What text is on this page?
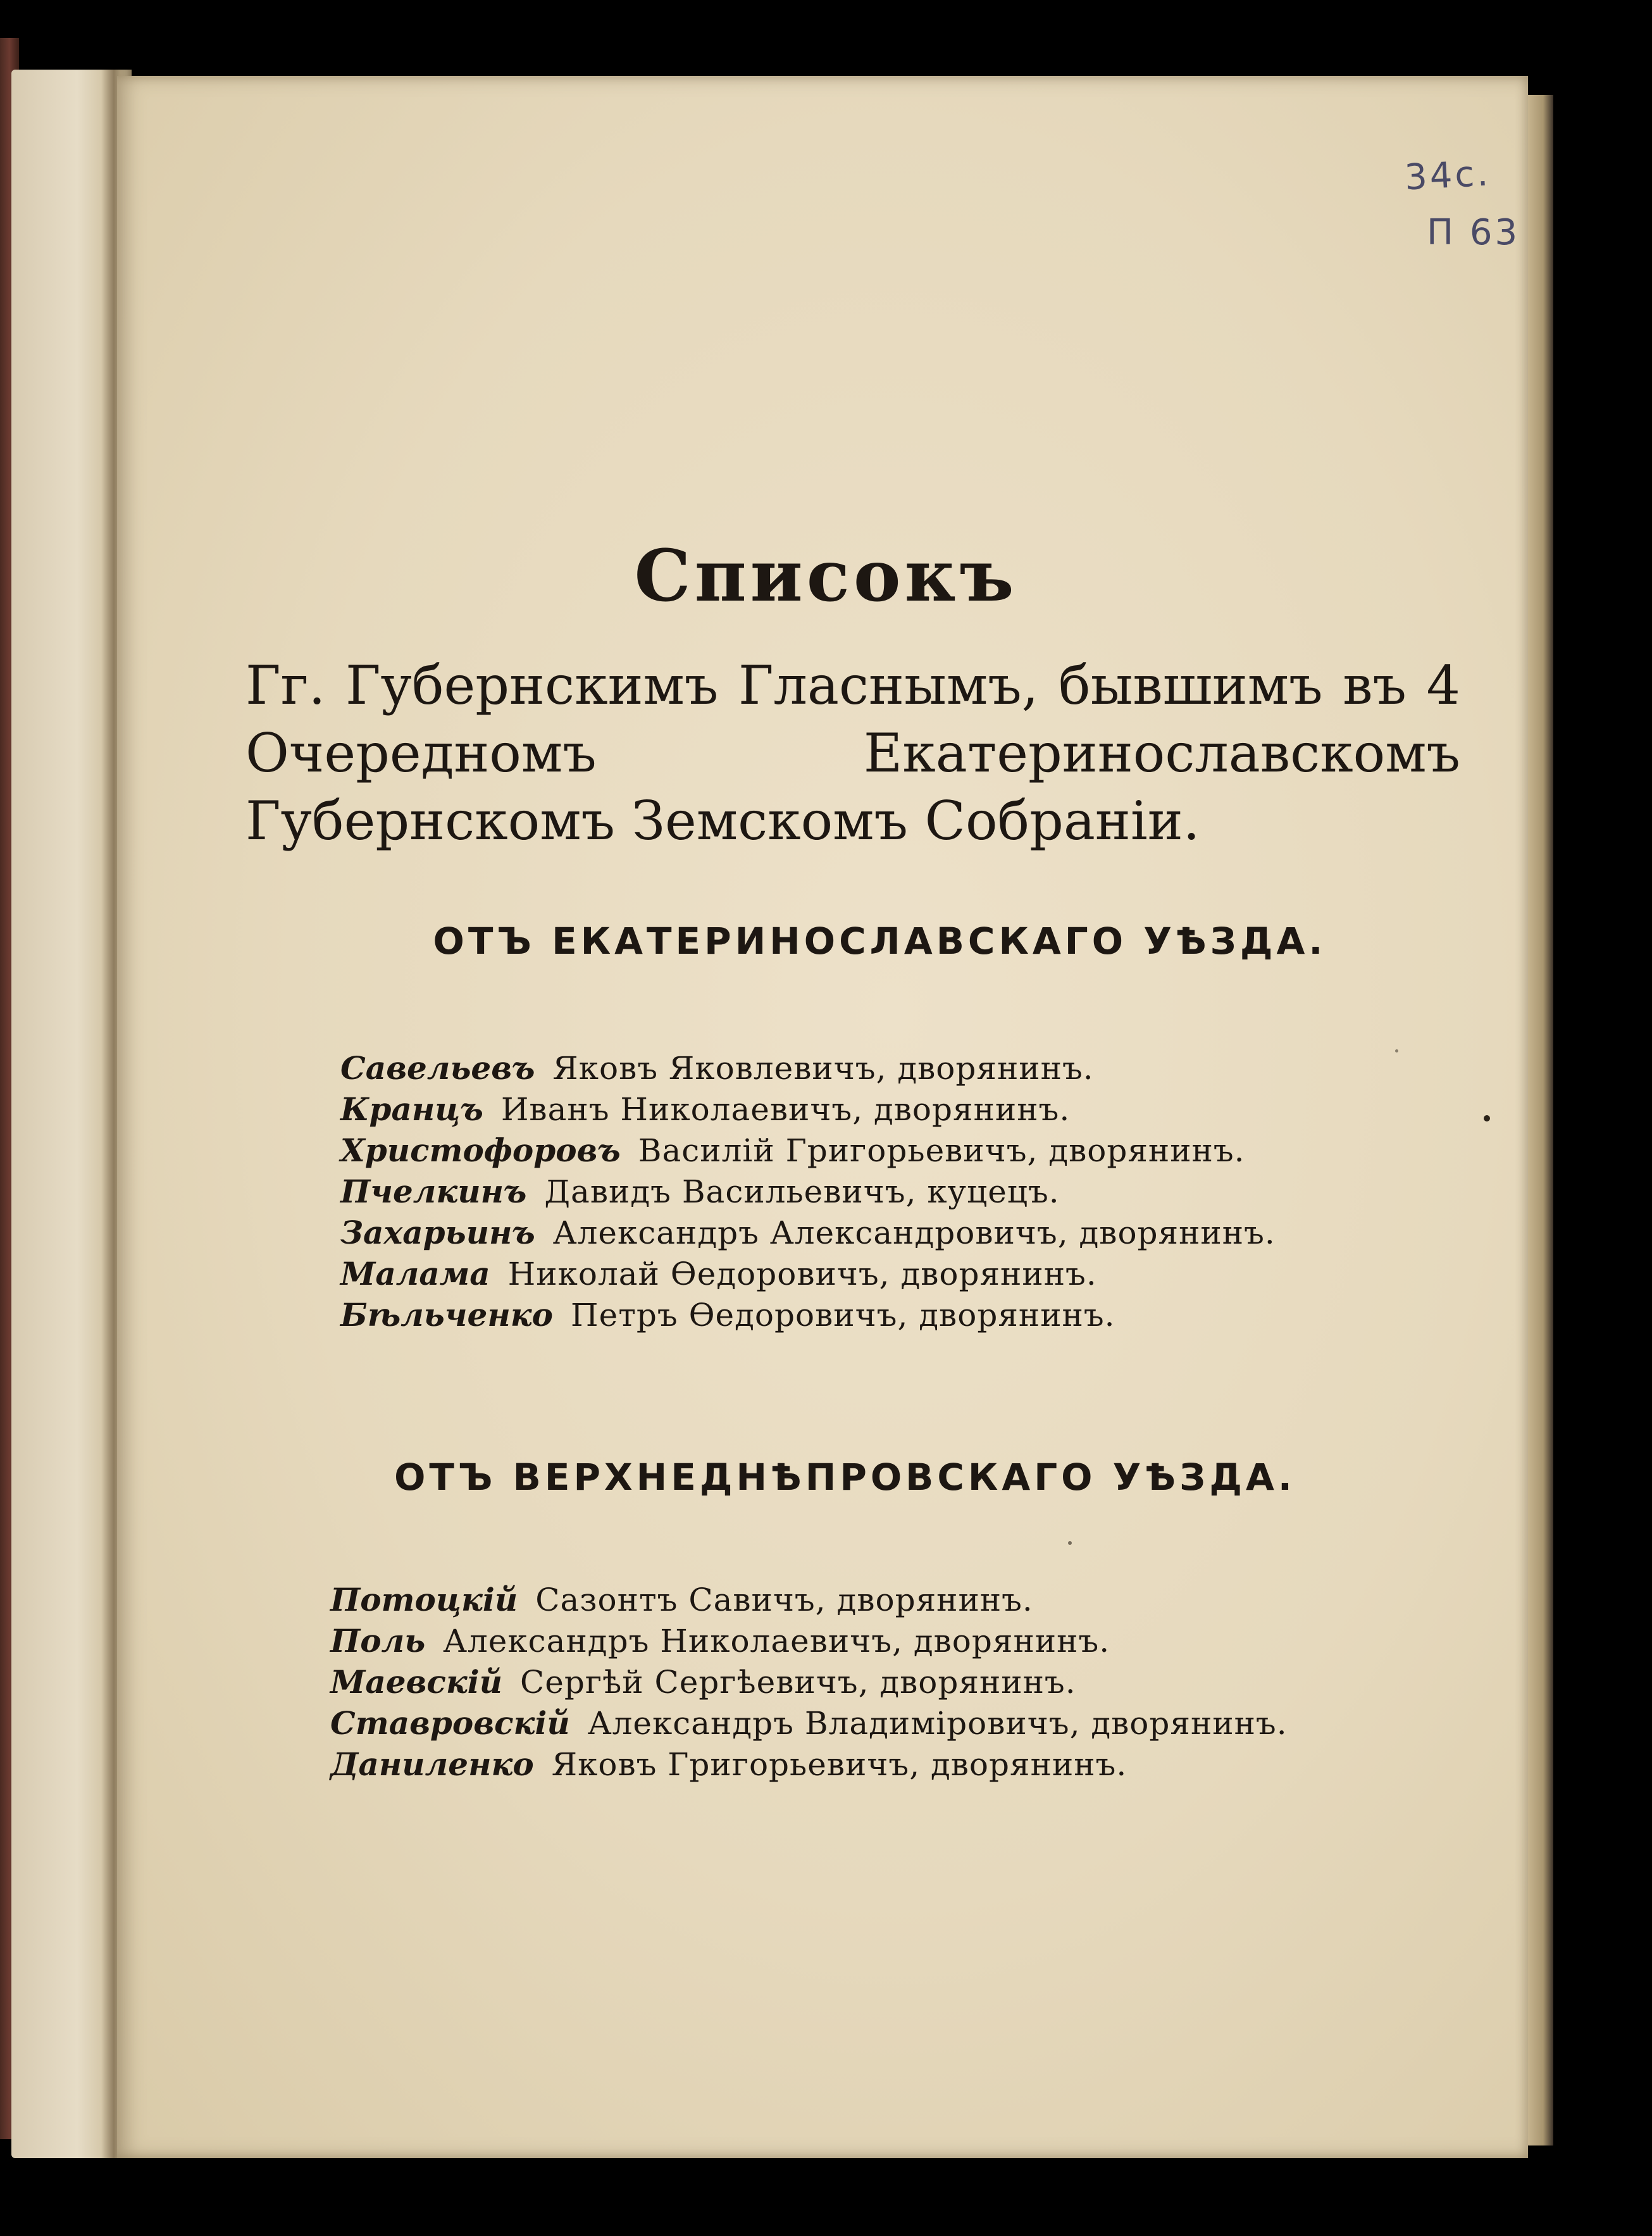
34c.
П 63
Списокъ
Гг. Губернскимъ Гласнымъ, бывшимъ въ 4 Очередномъ Екатеринославскомъ Губернскомъ Земскомъ Собраніи.
ОТЪ ЕКАТЕРИНОСЛАВСКАГО УѢЗДА.
Савельевъ Яковъ Яковлевичъ, дворянинъ.
Кранцъ Иванъ Николаевичъ, дворянинъ.
Христофоровъ Василій Григорьевичъ, дворянинъ.
Пчелкинъ Давидъ Васильевичъ, куцецъ.
Захарьинъ Александръ Александровичъ, дворянинъ.
Малама Николай Өедоровичъ, дворянинъ.
Бѣльченко Петръ Өедоровичъ, дворянинъ.
ОТЪ ВЕРХНЕДНѢПРОВСКАГО УѢЗДА.
Потоцкій Сазонтъ Савичъ, дворянинъ.
Поль Александръ Николаевичъ, дворянинъ.
Маевскій Сергѣй Сергѣевичъ, дворянинъ.
Ставровскій Александръ Владиміровичъ, дворянинъ.
Даниленко Яковъ Григорьевичъ, дворянинъ.
